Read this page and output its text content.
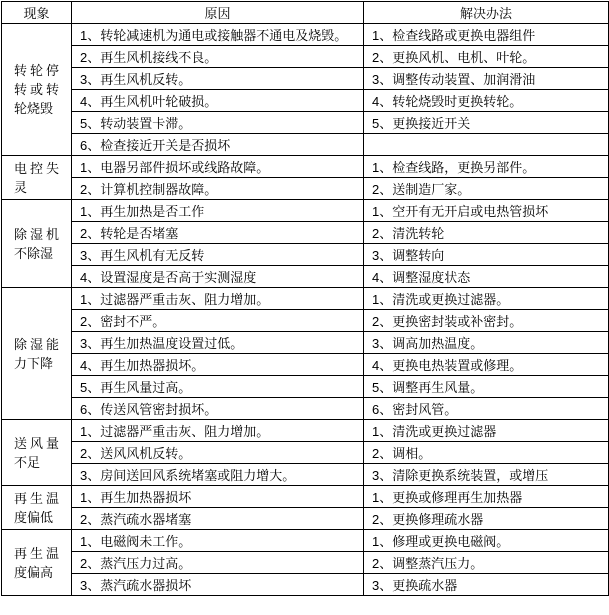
现象	原因	解决办法
转轮停转或转轮烧毁	1、转轮减速机为通电或接触器不通电及烧毁。	1、检查线路或更换电器组件
	2、再生风机接线不良。	2、更换风机、电机、叶轮。
	3、再生风机反转。	3、调整传动装置、加润滑油
	4、再生风机叶轮破损。	4、转轮烧毁时更换转轮。
	5、转动装置卡滞。	5、更换接近开关
	6、检查接近开关是否损坏	
电控失灵	1、电器另部件损坏或线路故障。	1、检查线路，更换另部件。
	2、计算机控制器故障。	2、送制造厂家。
除湿机不除湿	1、再生加热是否工作	1、空开有无开启或电热管损坏
	2、转轮是否堵塞	2、清洗转轮
	3、再生风机有无反转	3、调整转向
	4、设置湿度是否高于实测湿度	4、调整湿度状态
除湿能力下降	1、过滤器严重击灰、阻力增加。	1、清洗或更换过滤器。
	2、密封不严。	2、更换密封装或补密封。
	3、再生加热温度设置过低。	3、调高加热温度。
	4、再生加热器损坏。	4、更换电热装置或修理。
	5、再生风量过高。	5、调整再生风量。
	6、传送风管密封损坏。	6、密封风管。
送风量不足	1、过滤器严重击灰、阻力增加。	1、清洗或更换过滤器
	2、送风风机反转。	2、调相。
	3、房间送回风系统堵塞或阻力增大。	3、清除更换系统装置，或增压
再生温度偏低	1、再生加热器损坏	1、更换或修理再生加热器
	2、蒸汽疏水器堵塞	2、更换修理疏水器
再生温度偏高	1、电磁阀未工作。	1、修理或更换电磁阀。
	2、蒸汽压力过高。	2、调整蒸汽压力。
	3、蒸汽疏水器损坏	3、更换疏水器
